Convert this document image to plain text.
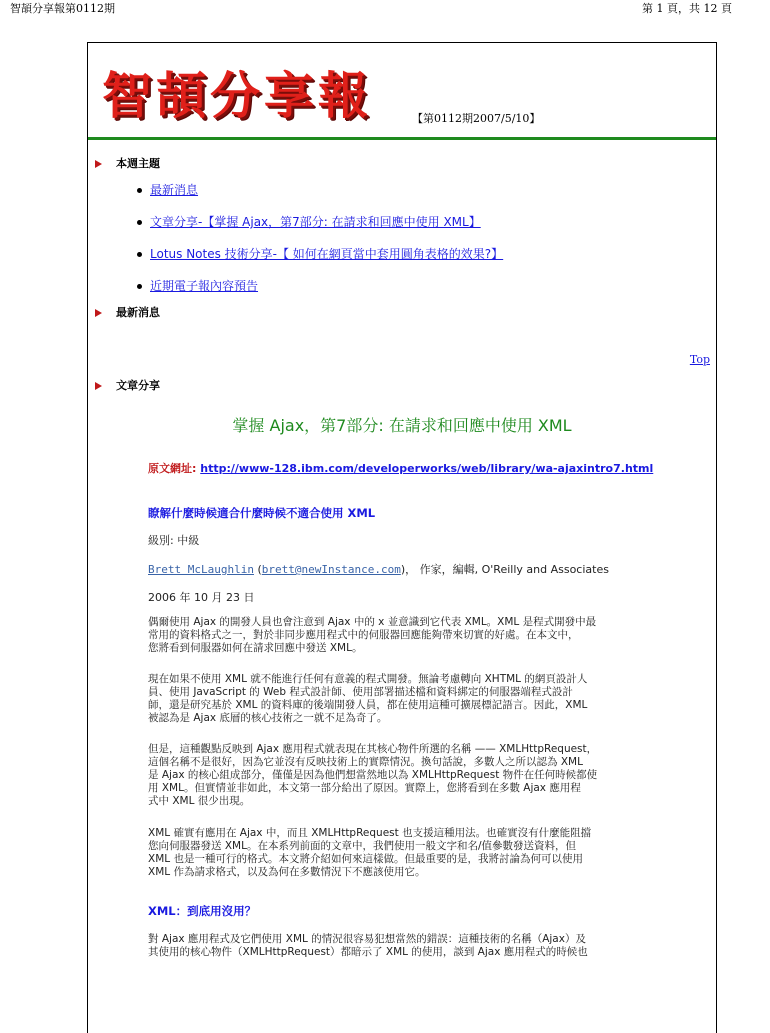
智頡分享報第0112期	第 1 頁，共 12 頁
智頡分享報	【第0112期2007/5/10】
本週主題
最新消息
文章分享-【掌握 Ajax，第7部分: 在請求和回應中使用 XML】
Lotus Notes 技術分享-【 如何在網頁當中套用圓角表格的效果?】
近期電子報內容預告
最新消息
Top
文章分享
掌握 Ajax，第7部分: 在請求和回應中使用 XML
原文網址: http://www-128.ibm.com/developerworks/web/library/wa-ajaxintro7.html
瞭解什麼時候適合什麼時候不適合使用 XML
級別: 中級
Brett McLaughlin (brett@newInstance.com)， 作家，編輯, O'Reilly and Associates
2006 年 10 月 23 日
偶爾使用 Ajax 的開發人員也會注意到 Ajax 中的 x 並意識到它代表 XML。XML 是程式開發中最
常用的資料格式之一，對於非同步應用程式中的伺服器回應能夠帶來切實的好處。在本文中，
您將看到伺服器如何在請求回應中發送 XML。
現在如果不使用 XML 就不能進行任何有意義的程式開發。無論考慮轉向 XHTML 的網頁設計人
員、使用 JavaScript 的 Web 程式設計師、使用部署描述檔和資料綁定的伺服器端程式設計
師，還是研究基於 XML 的資料庫的後端開發人員，都在使用這種可擴展標記語言。因此，XML
被認為是 Ajax 底層的核心技術之一就不足為奇了。
但是，這種觀點反映到 Ajax 應用程式就表現在其核心物件所選的名稱 —— XMLHttpRequest，
這個名稱不是很好，因為它並沒有反映技術上的實際情況。換句話說，多數人之所以認為 XML
是 Ajax 的核心組成部分，僅僅是因為他們想當然地以為 XMLHttpRequest 物件在任何時候都使
用 XML。但實情並非如此，本文第一部分給出了原因。實際上，您將看到在多數 Ajax 應用程
式中 XML 很少出現。
XML 確實有應用在 Ajax 中，而且 XMLHttpRequest 也支援這種用法。也確實沒有什麼能阻擋
您向伺服器發送 XML。在本系列前面的文章中，我們使用一般文字和名/值參數發送資料，但
XML 也是一種可行的格式。本文將介紹如何來這樣做。但最重要的是，我將討論為何可以使用
XML 作為請求格式，以及為何在多數情況下不應該使用它。
XML：到底用沒用？
對 Ajax 應用程式及它們使用 XML 的情況很容易犯想當然的錯誤：這種技術的名稱（Ajax）及
其使用的核心物件（XMLHttpRequest）都暗示了 XML 的使用，談到 Ajax 應用程式的時候也
